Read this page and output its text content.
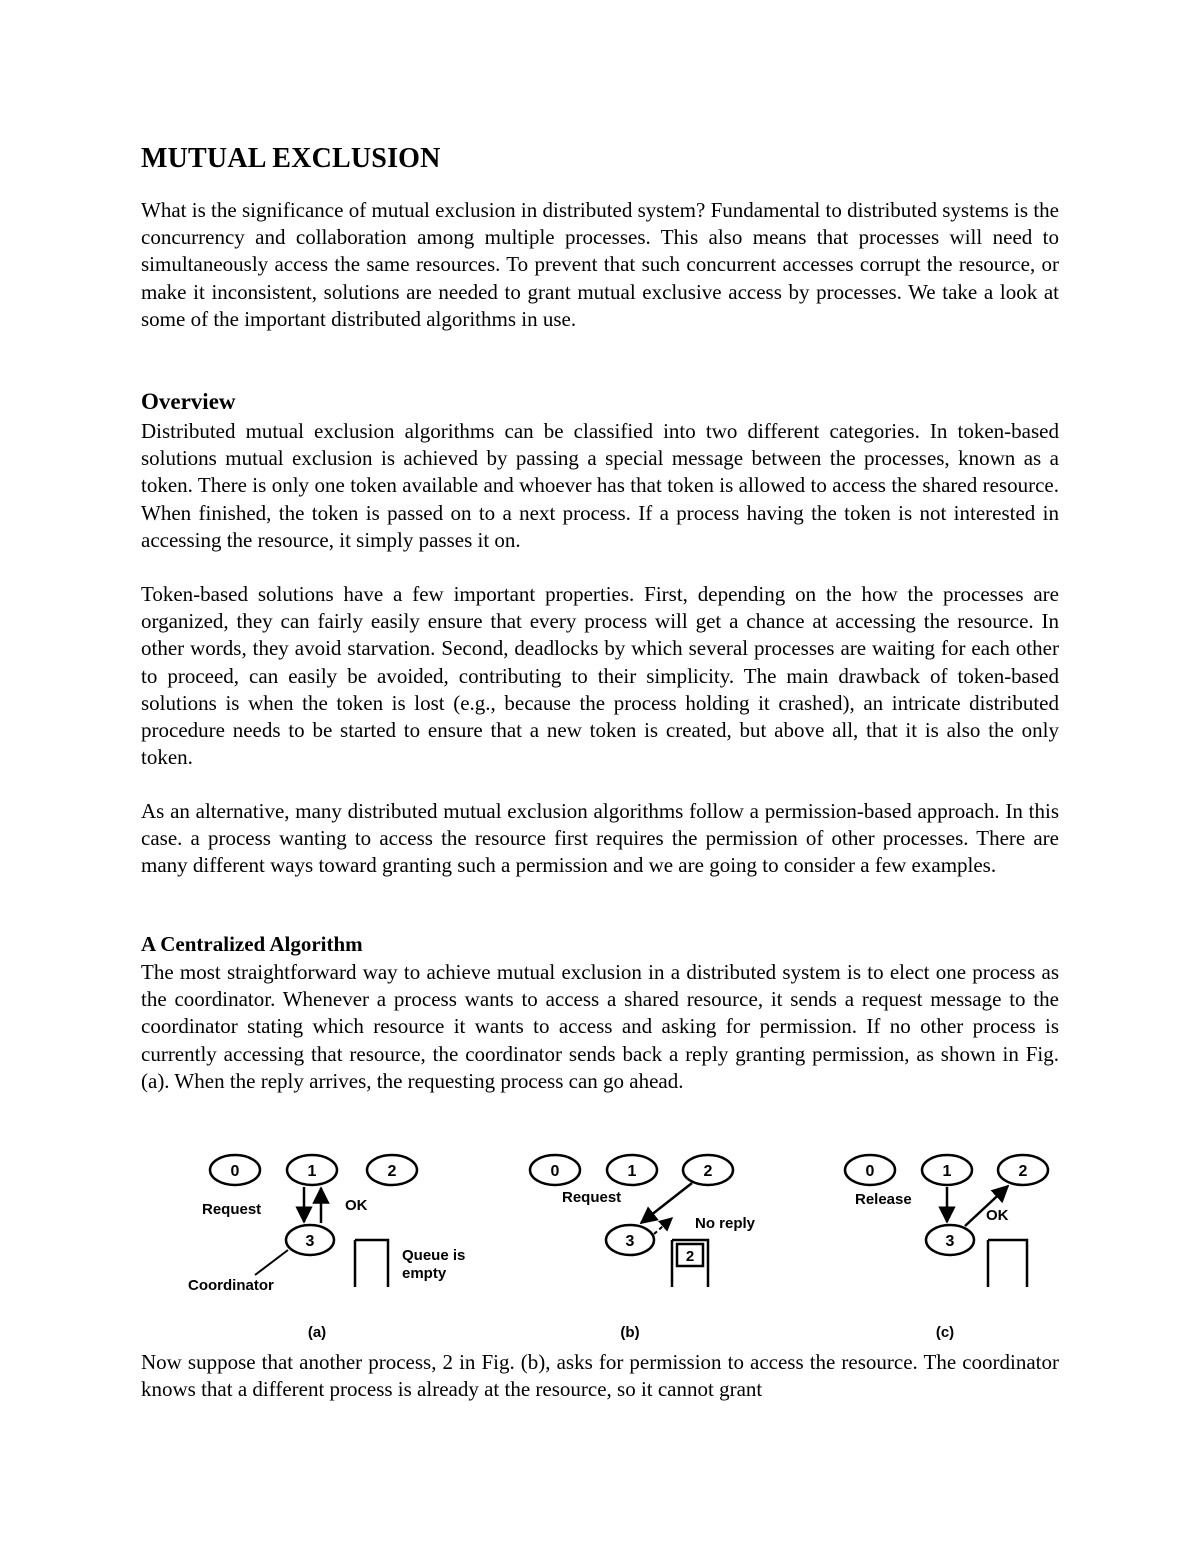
MUTUAL EXCLUSION

What is the significance of mutual exclusion in distributed system? Fundamental to distributed systems is the concurrency and collaboration among multiple processes. This also means that processes will need to simultaneously access the same resources. To prevent that such concurrent accesses corrupt the resource, or make it inconsistent, solutions are needed to grant mutual exclusive access by processes. We take a look at some of the important distributed algorithms in use.

Overview

Distributed mutual exclusion algorithms can be classified into two different categories. In token-based solutions mutual exclusion is achieved by passing a special message between the processes, known as a token. There is only one token available and whoever has that token is allowed to access the shared resource. When finished, the token is passed on to a next process. If a process having the token is not interested in accessing the resource, it simply passes it on.

Token-based solutions have a few important properties. First, depending on the how the processes are organized, they can fairly easily ensure that every process will get a chance at accessing the resource. In other words, they avoid starvation. Second, deadlocks by which several processes are waiting for each other to proceed, can easily be avoided, contributing to their simplicity. The main drawback of token-based solutions is when the token is lost (e.g., because the process holding it crashed), an intricate distributed procedure needs to be started to ensure that a new token is created, but above all, that it is also the only token.

As an alternative, many distributed mutual exclusion algorithms follow a permission-based approach. In this case. a process wanting to access the resource first requires the permission of other processes. There are many different ways toward granting such a permission and we are going to consider a few examples.

A Centralized Algorithm

The most straightforward way to achieve mutual exclusion in a distributed system is to elect one process as the coordinator. Whenever a process wants to access a shared resource, it sends a request message to the coordinator stating which resource it wants to access and asking for permission. If no other process is currently accessing that resource, the coordinator sends back a reply granting permission, as shown in Fig. (a). When the reply arrives, the requesting process can go ahead.

0	1	2
3
Request	OK
Coordinator
Queue is
empty
(a)
0	1	2
3
Request
No reply
2
(b)
0	1	2
3
Release
OK
(c)

Now suppose that another process, 2 in Fig. (b), asks for permission to access the resource. The coordinator knows that a different process is already at the resource, so it cannot grant
